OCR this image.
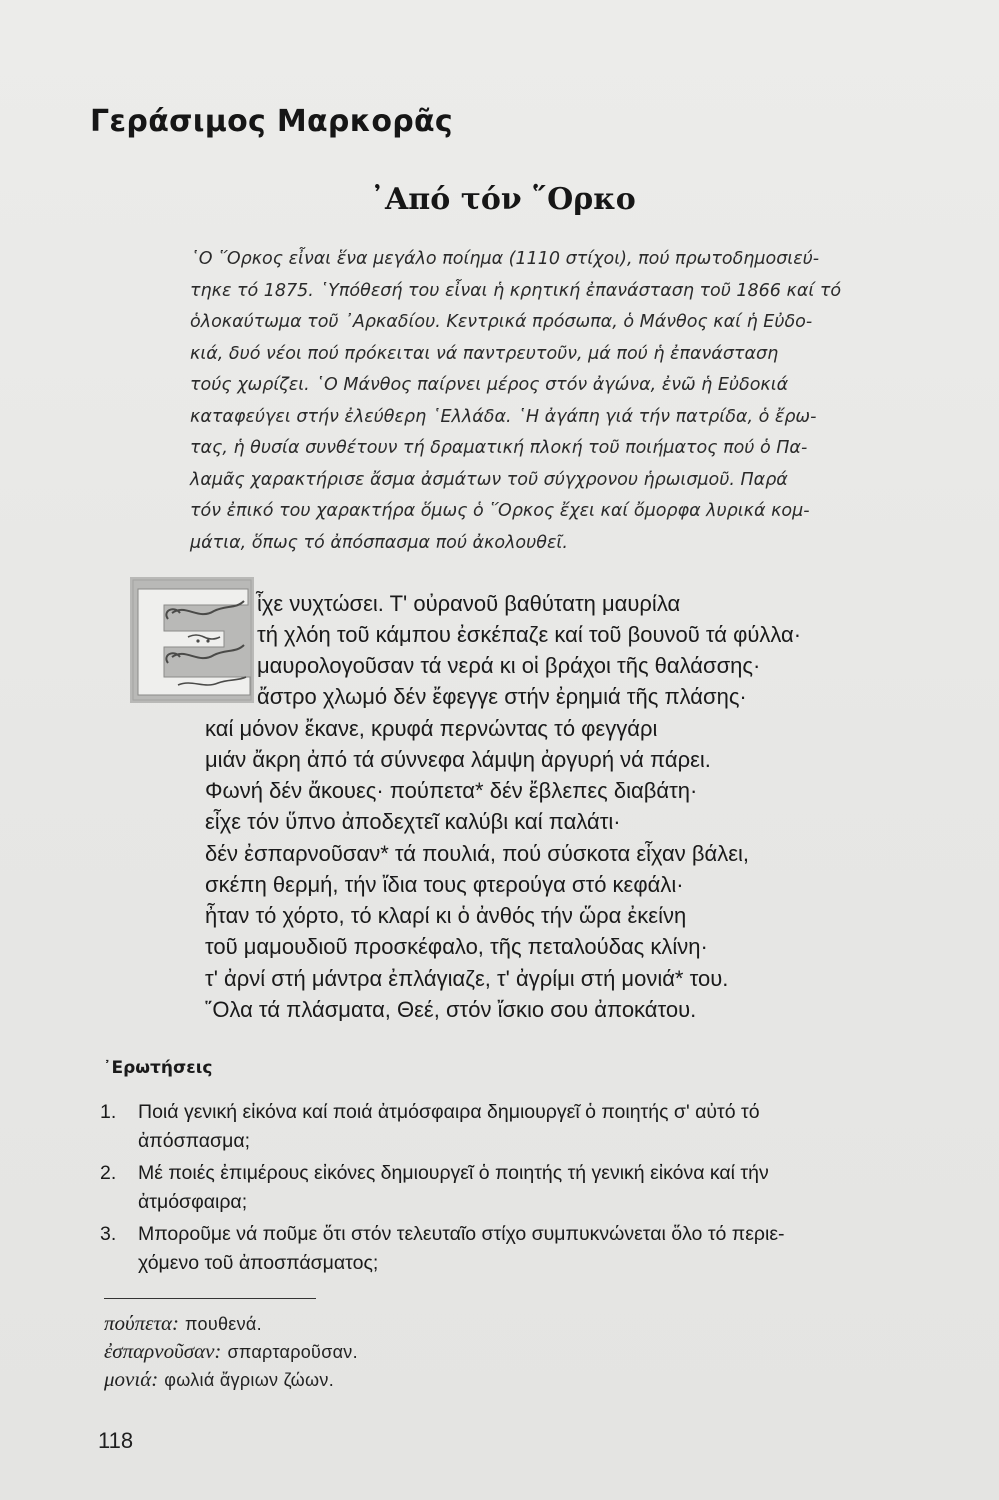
Γεράσιμος Μαρκορᾶς
᾿Από τόν ῞Ορκο
῾Ο ῞Ορκος εἶναι ἕνα μεγάλο ποίημα (1110 στίχοι), πού πρωτοδημοσιεύ-
τηκε τό 1875. ῾Υπόθεσή του εἶναι ἡ κρητική ἐπανάσταση τοῦ 1866 καί τό
ὁλοκαύτωμα τοῦ ᾿Αρκαδίου. Κεντρικά πρόσωπα, ὁ Μάνθος καί ἡ Εὐδο-
κιά, δυό νέοι πού πρόκειται νά παντρευτοῦν, μά πού ἡ ἐπανάσταση
τούς χωρίζει. ῾Ο Μάνθος παίρνει μέρος στόν ἀγώνα, ἐνῶ ἡ Εὐδοκιά
καταφεύγει στήν ἐλεύθερη ῾Ελλάδα. ῾Η ἀγάπη γιά τήν πατρίδα, ὁ ἔρω-
τας, ἡ θυσία συνθέτουν τή δραματική πλοκή τοῦ ποιήματος πού ὁ Πα-
λαμᾶς χαρακτήρισε ἄσμα ἀσμάτων τοῦ σύγχρονου ἡρωισμοῦ. Παρά
τόν ἐπικό του χαρακτήρα ὅμως ὁ ῞Ορκος ἔχει καί ὄμορφα λυρικά κομ-
μάτια, ὅπως τό ἀπόσπασμα πού ἀκολουθεῖ.
Ε
ἶχε νυχτώσει. Τ' οὐρανοῦ βαθύτατη μαυρίλα
τή χλόη τοῦ κάμπου ἐσκέπαζε καί τοῦ βουνοῦ τά φύλλα·
μαυρολογοῦσαν τά νερά κι οἱ βράχοι τῆς θαλάσσης·
ἄστρο χλωμό δέν ἔφεγγε στήν ἐρημιά τῆς πλάσης·
καί μόνον ἔκανε, κρυφά περνώντας τό φεγγάρι
μιάν ἄκρη ἀπό τά σύννεφα λάμψη ἀργυρή νά πάρει.
Φωνή δέν ἄκουες· πούπετα* δέν ἔβλεπες διαβάτη·
εἶχε τόν ὕπνο ἀποδεχτεῖ καλύβι καί παλάτι·
δέν ἐσπαρνοῦσαν* τά πουλιά, πού σύσκοτα εἶχαν βάλει,
σκέπη θερμή, τήν ἴδια τους φτερούγα στό κεφάλι·
ἦταν τό χόρτο, τό κλαρί κι ὁ ἀνθός τήν ὥρα ἐκείνη
τοῦ μαμουδιοῦ προσκέφαλο, τῆς πεταλούδας κλίνη·
τ' ἀρνί στή μάντρα ἐπλάγιαζε, τ' ἀγρίμι στή μονιά* του.
῞Ολα τά πλάσματα, Θεέ, στόν ἴσκιο σου ἀποκάτου.
᾿Ερωτήσεις
1. Ποιά γενική εἰκόνα καί ποιά ἀτμόσφαιρα δημιουργεῖ ὁ ποιητής σ' αὐτό τό
ἀπόσπασμα;
2. Μέ ποιές ἐπιμέρους εἰκόνες δημιουργεῖ ὁ ποιητής τή γενική εἰκόνα καί τήν
ἀτμόσφαιρα;
3. Μποροῦμε νά ποῦμε ὅτι στόν τελευταῖο στίχο συμπυκνώνεται ὅλο τό περιε-
χόμενο τοῦ ἀποσπάσματος;
πούπετα: πουθενά.
ἐσπαρνοῦσαν: σπαρταροῦσαν.
μονιά: φωλιά ἄγριων ζώων.
118
